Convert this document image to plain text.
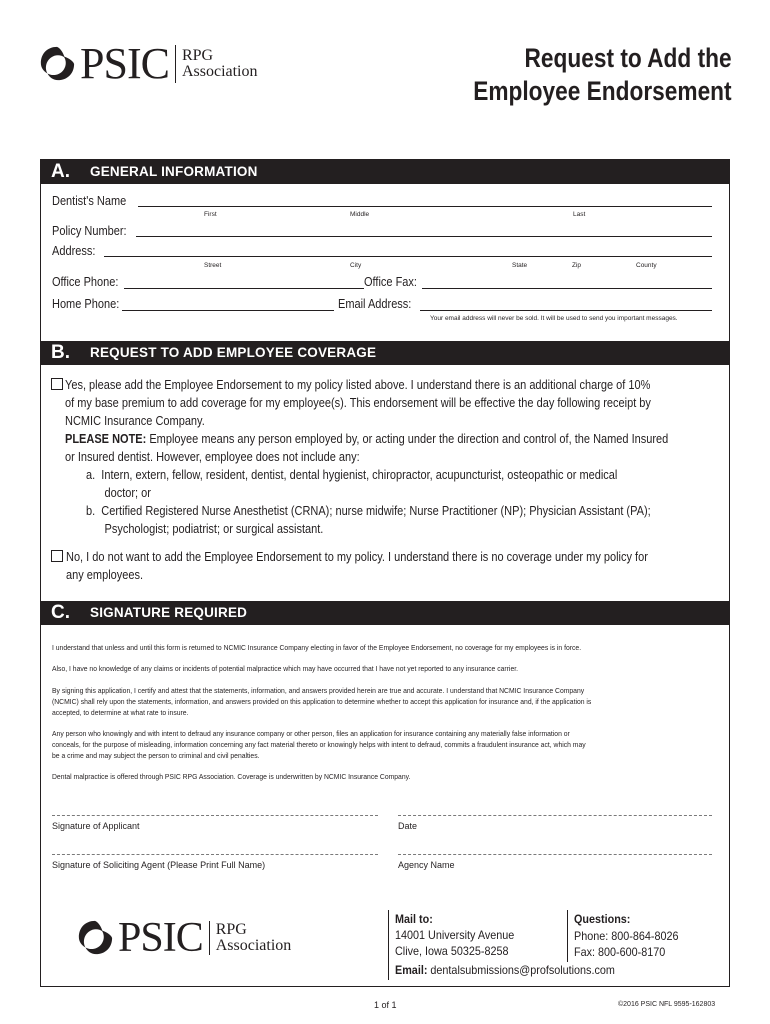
PSIC RPG
Association	Request to Add the
Employee Endorsement
A. GENERAL INFORMATION
Dentist's Name
First	Middle	Last
Policy Number:
Address:
Street	City	State	Zip	County
Office Phone:	Office Fax:
Home Phone:	Email Address:
Your email address will never be sold. It will be used to send you important messages.
B. REQUEST TO ADD EMPLOYEE COVERAGE
Yes, please add the Employee Endorsement to my policy listed above. I understand there is an additional charge of 10%
of my base premium to add coverage for my employee(s). This endorsement will be effective the day following receipt by
NCMIC Insurance Company.
PLEASE NOTE: Employee means any person employed by, or acting under the direction and control of, the Named Insured
or Insured dentist. However, employee does not include any:
a. Intern, extern, fellow, resident, dentist, dental hygienist, chiropractor, acupuncturist, osteopathic or medical
doctor; or
b. Certified Registered Nurse Anesthetist (CRNA); nurse midwife; Nurse Practitioner (NP); Physician Assistant (PA);
Psychologist; podiatrist; or surgical assistant.
No, I do not want to add the Employee Endorsement to my policy. I understand there is no coverage under my policy for
any employees.
C. SIGNATURE REQUIRED
I understand that unless and until this form is returned to NCMIC Insurance Company electing in favor of the Employee Endorsement, no coverage for my employees is in force.
Also, I have no knowledge of any claims or incidents of potential malpractice which may have occurred that I have not yet reported to any insurance carrier.
By signing this application, I certify and attest that the statements, information, and answers provided herein are true and accurate. I understand that NCMIC Insurance Company
(NCMIC) shall rely upon the statements, information, and answers provided on this application to determine whether to accept this application for insurance and, if the application is
accepted, to determine at what rate to insure.
Any person who knowingly and with intent to defraud any insurance company or other person, files an application for insurance containing any materially false information or
conceals, for the purpose of misleading, information concerning any fact material thereto or knowingly helps with intent to defraud, commits a fraudulent insurance act, which may
be a crime and may subject the person to criminal and civil penalties.
Dental malpractice is offered through PSIC RPG Association. Coverage is underwritten by NCMIC Insurance Company.
Signature of Applicant	Date
Signature of Soliciting Agent (Please Print Full Name)	Agency Name
PSIC RPG
Association
Mail to:
14001 University Avenue
Clive, Iowa 50325-8258
Questions:
Phone: 800-864-8026
Fax: 800-600-8170
Email: dentalsubmissions@profsolutions.com
1 of 1	©2016 PSIC NFL 9595-162803
